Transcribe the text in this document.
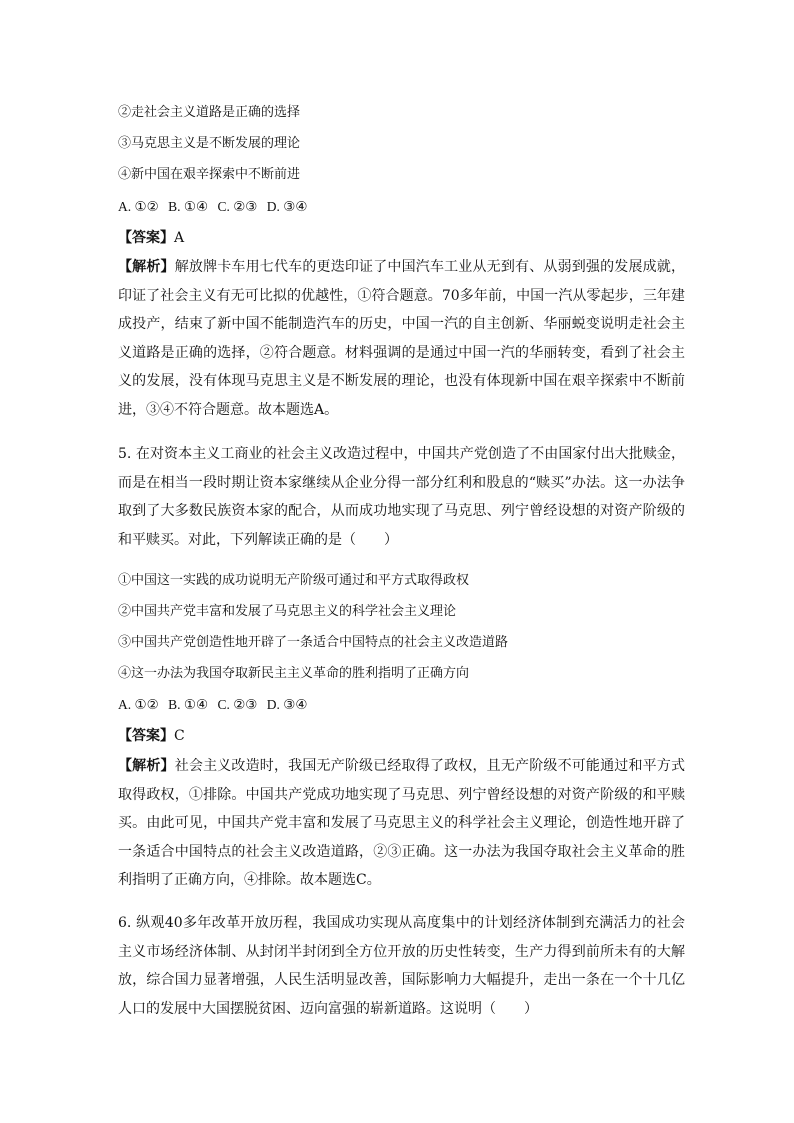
②走社会主义道路是正确的选择
③马克思主义是不断发展的理论
④新中国在艰辛探索中不断前进
A. ①② B. ①④ C. ②③ D. ③④
【答案】A
【解析】解放牌卡车用七代车的更迭印证了中国汽车工业从无到有、从弱到强的发展成就，印证了社会主义有无可比拟的优越性，①符合题意。70多年前，中国一汽从零起步，三年建成投产，结束了新中国不能制造汽车的历史，中国一汽的自主创新、华丽蜕变说明走社会主义道路是正确的选择，②符合题意。材料强调的是通过中国一汽的华丽转变，看到了社会主义的发展，没有体现马克思主义是不断发展的理论，也没有体现新中国在艰辛探索中不断前进，③④不符合题意。故本题选A。
5. 在对资本主义工商业的社会主义改造过程中，中国共产党创造了不由国家付出大批赎金，而是在相当一段时期让资本家继续从企业分得一部分红利和股息的“赎买”办法。这一办法争取到了大多数民族资本家的配合，从而成功地实现了马克思、列宁曾经设想的对资产阶级的和平赎买。对此，下列解读正确的是（　　）
①中国这一实践的成功说明无产阶级可通过和平方式取得政权
②中国共产党丰富和发展了马克思主义的科学社会主义理论
③中国共产党创造性地开辟了一条适合中国特点的社会主义改造道路
④这一办法为我国夺取新民主主义革命的胜利指明了正确方向
A. ①② B. ①④ C. ②③ D. ③④
【答案】C
【解析】社会主义改造时，我国无产阶级已经取得了政权，且无产阶级不可能通过和平方式取得政权，①排除。中国共产党成功地实现了马克思、列宁曾经设想的对资产阶级的和平赎买。由此可见，中国共产党丰富和发展了马克思主义的科学社会主义理论，创造性地开辟了一条适合中国特点的社会主义改造道路，②③正确。这一办法为我国夺取社会主义革命的胜利指明了正确方向，④排除。故本题选C。
6. 纵观40多年改革开放历程，我国成功实现从高度集中的计划经济体制到充满活力的社会主义市场经济体制、从封闭半封闭到全方位开放的历史性转变，生产力得到前所未有的大解放，综合国力显著增强，人民生活明显改善，国际影响力大幅提升，走出一条在一个十几亿人口的发展中大国摆脱贫困、迈向富强的崭新道路。这说明（　　）
